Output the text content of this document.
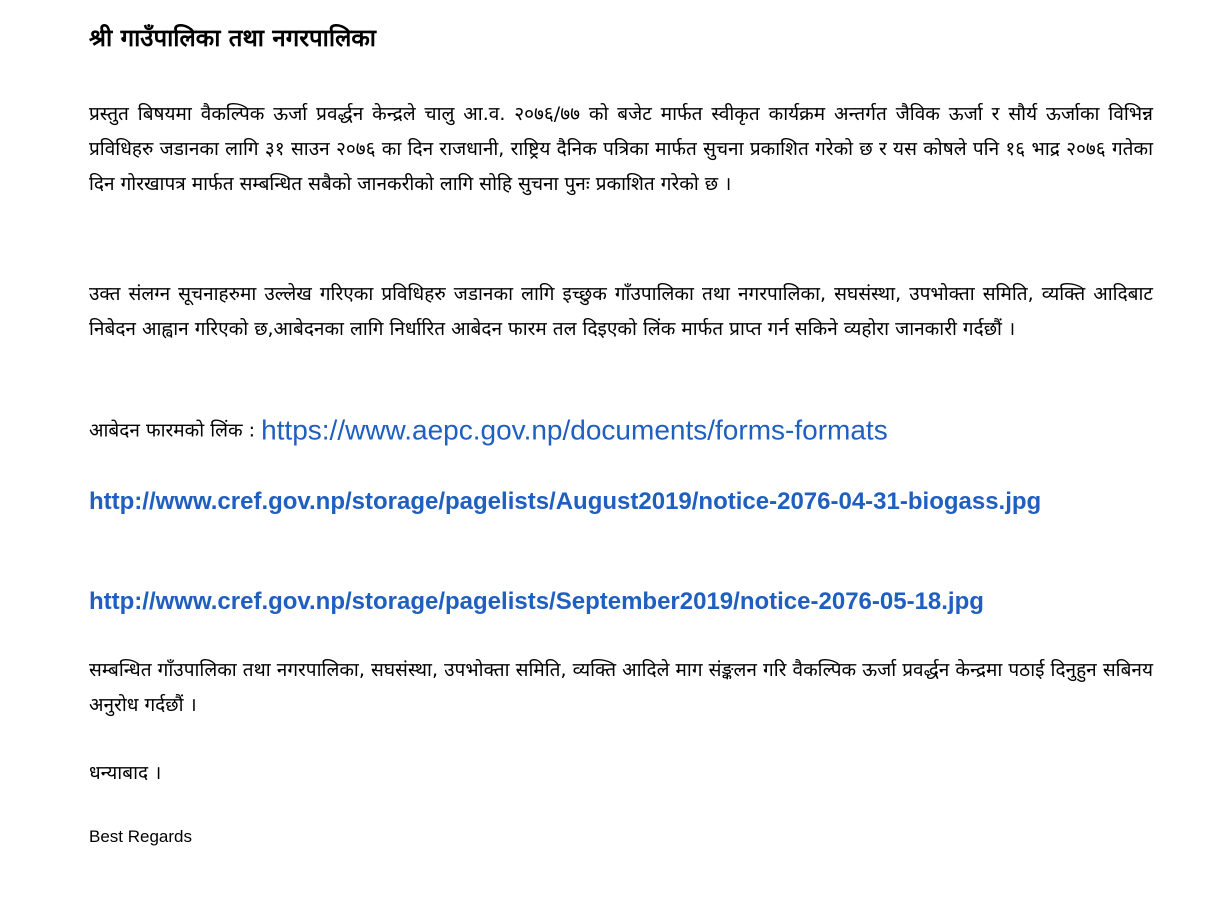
श्री गाउँपालिका तथा नगरपालिका
प्रस्तुत बिषयमा वैकल्पिक ऊर्जा प्रवर्द्धन केन्द्रले चालु आ.व. २०७६/७७ को बजेट मार्फत स्वीकृत कार्यक्रम अन्तर्गत जैविक ऊर्जा र सौर्य ऊर्जाका विभिन्न प्रविधिहरु जडानका लागि ३१ साउन २०७६ का दिन राजधानी, राष्ट्रिय दैनिक पत्रिका मार्फत सुचना प्रकाशित गरेको छ र यस कोषले पनि १६ भाद्र २०७६ गतेका दिन गोरखापत्र मार्फत सम्बन्धित सबैको जानकरीको लागि सोहि सुचना पुनः प्रकाशित गरेको छ ।
उक्त संलग्न सूचनाहरुमा उल्लेख गरिएका प्रविधिहरु जडानका लागि इच्छुक गाँउपालिका तथा नगरपालिका, सघसंस्था, उपभोक्ता समिति, व्यक्ति आदिबाट निबेदन आह्वान गरिएको छ,आबेदनका लागि निर्धारित आबेदन फारम तल दिइएको लिंक मार्फत प्राप्त गर्न सकिने व्यहोरा जानकारी गर्दछौं ।
आबेदन फारमको लिंक : https://www.aepc.gov.np/documents/forms-formats
http://www.cref.gov.np/storage/pagelists/August2019/notice-2076-04-31-biogass.jpg
http://www.cref.gov.np/storage/pagelists/September2019/notice-2076-05-18.jpg
सम्बन्धित गाँउपालिका तथा नगरपालिका, सघसंस्था, उपभोक्ता समिति, व्यक्ति आदिले माग संङ्कलन गरि वैकल्पिक ऊर्जा प्रवर्द्धन केन्द्रमा पठाई दिनुहुन सबिनय अनुरोध गर्दछौं ।
धन्याबाद ।
Best Regards
